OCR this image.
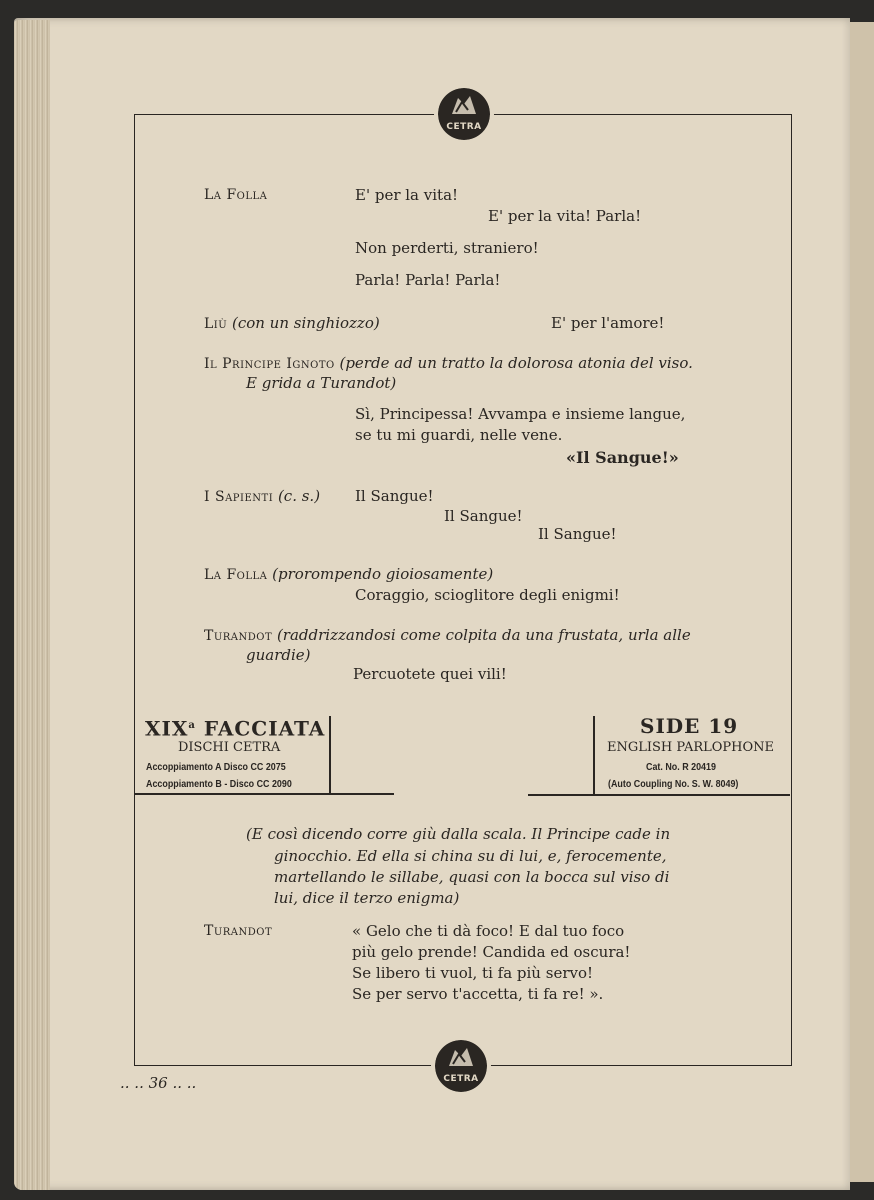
CETRA
La Folla	E' per la vita!
E' per la vita! Parla!
Non perderti, straniero!
Parla! Parla! Parla!
Liù (con un singhiozzo)	E' per l'amore!
Il Principe Ignoto (perde ad un tratto la dolorosa atonia del viso.
E grida a Turandot)
Sì, Principessa! Avvampa e insieme langue,
se tu mi guardi, nelle vene.
«Il Sangue!»
I Sapienti (c. s.) Il Sangue!
Il Sangue!
Il Sangue!
La Folla (prorompendo gioiosamente)
Coraggio, scioglitore degli enigmi!
Turandot (raddrizzandosi come colpita da una frustata, urla alle
guardie)
Percuotete quei vili!
XIX$^a$ FACCIATA
DISCHI CETRA
Accoppiamento A Disco CC 2075
Accoppiamento B - Disco CC 2090
SIDE 19
ENGLISH PARLOPHONE
Cat. No. R 20419
(Auto Coupling No. S. W. 8049)
(E così dicendo corre giù dalla scala. Il Principe cade in
ginocchio. Ed ella si china su di lui, e, ferocemente,
martellando le sillabe, quasi con la bocca sul viso di
lui, dice il terzo enigma)
Turandot	« Gelo che ti dà foco! E dal tuo foco
più gelo prende! Candida ed oscura!
Se libero ti vuol, ti fa più servo!
Se per servo t'accetta, ti fa re! ».
CETRA
.. .. 36 .. ..
